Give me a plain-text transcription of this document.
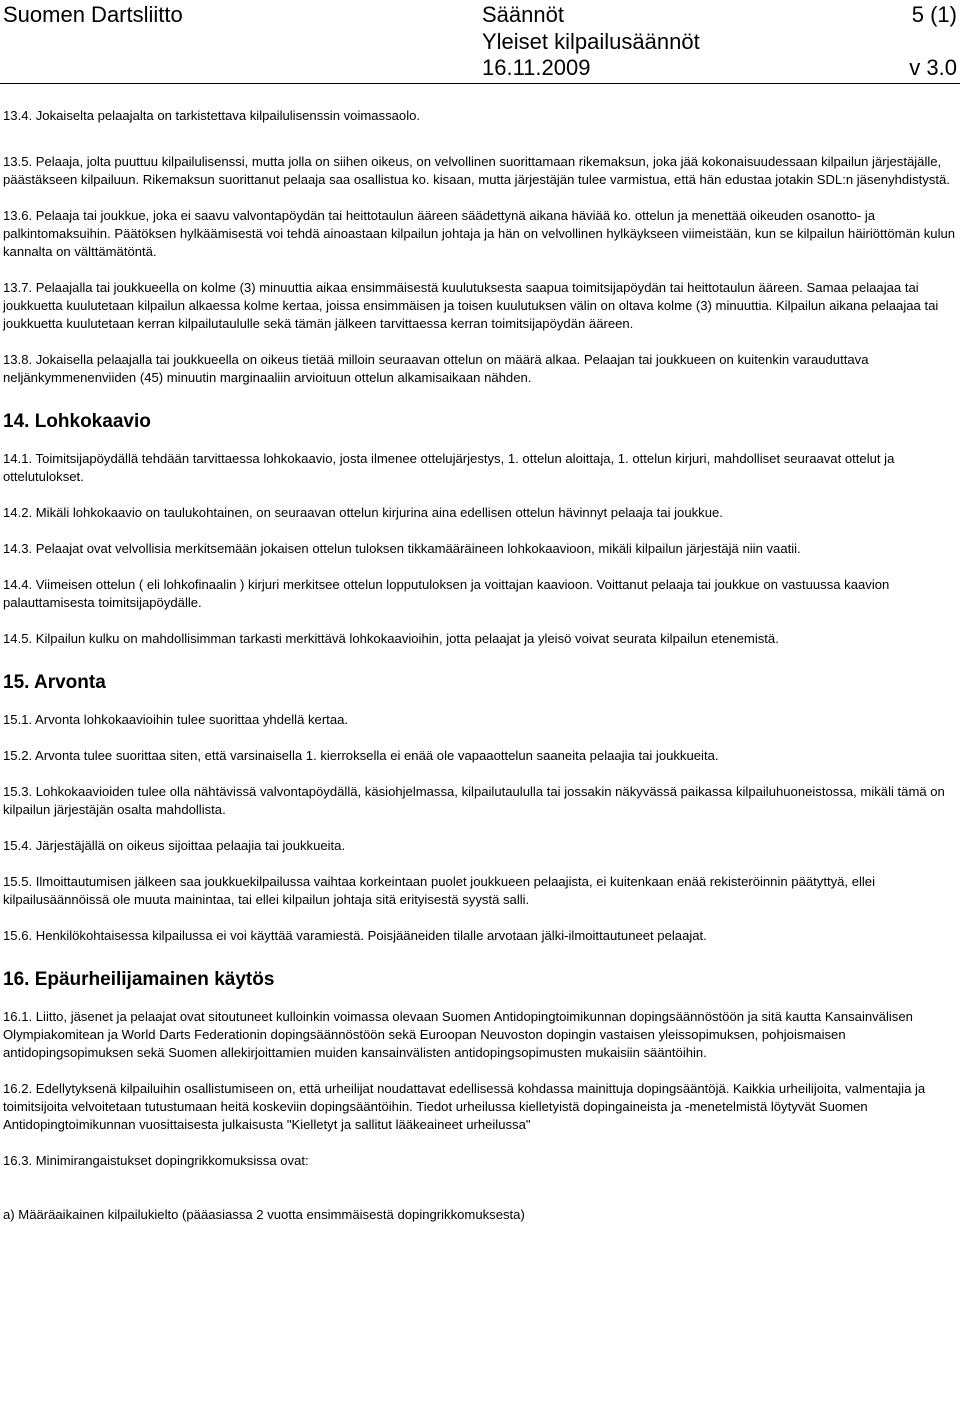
Suomen Dartsliitto	Säännöt	5 (1)
Yleiset kilpailusäännöt
16.11.2009	v 3.0

13.4. Jokaiselta pelaajalta on tarkistettava kilpailulisenssin voimassaolo.

13.5. Pelaaja, jolta puuttuu kilpailulisenssi, mutta jolla on siihen oikeus, on velvollinen suorittamaan rikemaksun, joka jää kokonaisuudessaan kilpailun järjestäjälle, päästäkseen kilpailuun. Rikemaksun suorittanut pelaaja saa osallistua ko. kisaan, mutta järjestäjän tulee varmistua, että hän edustaa jotakin SDL:n jäsenyhdistystä.

13.6. Pelaaja tai joukkue, joka ei saavu valvontapöydän tai heittotaulun ääreen säädettynä aikana häviää ko. ottelun ja menettää oikeuden osanotto- ja palkintomaksuihin. Päätöksen hylkäämisestä voi tehdä ainoastaan kilpailun johtaja ja hän on velvollinen hylkäykseen viimeistään, kun se kilpailun häiriöttömän kulun kannalta on välttämätöntä.

13.7. Pelaajalla tai joukkueella on kolme (3) minuuttia aikaa ensimmäisestä kuulutuksesta saapua toimitsijapöydän tai heittotaulun ääreen. Samaa pelaajaa tai joukkuetta kuulutetaan kilpailun alkaessa kolme kertaa, joissa ensimmäisen ja toisen kuulutuksen välin on oltava kolme (3) minuuttia. Kilpailun aikana pelaajaa tai joukkuetta kuulutetaan kerran kilpailutaululle sekä tämän jälkeen tarvittaessa kerran toimitsijapöydän ääreen.

13.8. Jokaisella pelaajalla tai joukkueella on oikeus tietää milloin seuraavan ottelun on määrä alkaa. Pelaajan tai joukkueen on kuitenkin varauduttava neljänkymmenenviiden (45) minuutin marginaaliin arvioituun ottelun alkamisaikaan nähden.

14. Lohkokaavio

14.1. Toimitsijapöydällä tehdään tarvittaessa lohkokaavio, josta ilmenee ottelujärjestys, 1. ottelun aloittaja, 1. ottelun kirjuri, mahdolliset seuraavat ottelut ja ottelutulokset.

14.2. Mikäli lohkokaavio on taulukohtainen, on seuraavan ottelun kirjurina aina edellisen ottelun hävinnyt pelaaja tai joukkue.

14.3. Pelaajat ovat velvollisia merkitsemään jokaisen ottelun tuloksen tikkamääräineen lohkokaavioon, mikäli kilpailun järjestäjä niin vaatii.

14.4. Viimeisen ottelun ( eli lohkofinaalin ) kirjuri merkitsee ottelun lopputuloksen ja voittajan kaavioon. Voittanut pelaaja tai joukkue on vastuussa kaavion palauttamisesta toimitsijapöydälle.

14.5. Kilpailun kulku on mahdollisimman tarkasti merkittävä lohkokaavioihin, jotta pelaajat ja yleisö voivat seurata kilpailun etenemistä.

15. Arvonta

15.1. Arvonta lohkokaavioihin tulee suorittaa yhdellä kertaa.

15.2. Arvonta tulee suorittaa siten, että varsinaisella 1. kierroksella ei enää ole vapaaottelun saaneita pelaajia tai joukkueita.

15.3. Lohkokaavioiden tulee olla nähtävissä valvontapöydällä, käsiohjelmassa, kilpailutaululla tai jossakin näkyvässä paikassa kilpailuhuoneistossa, mikäli tämä on kilpailun järjestäjän osalta mahdollista.

15.4. Järjestäjällä on oikeus sijoittaa pelaajia tai joukkueita.

15.5. Ilmoittautumisen jälkeen saa joukkuekilpailussa vaihtaa korkeintaan puolet joukkueen pelaajista, ei kuitenkaan enää rekisteröinnin päätyttyä, ellei kilpailusäännöissä ole muuta mainintaa, tai ellei kilpailun johtaja sitä erityisestä syystä salli.

15.6. Henkilökohtaisessa kilpailussa ei voi käyttää varamiestä. Poisjääneiden tilalle arvotaan jälki-ilmoittautuneet pelaajat.

16. Epäurheilijamainen käytös

16.1. Liitto, jäsenet ja pelaajat ovat sitoutuneet kulloinkin voimassa olevaan Suomen Antidopingtoimikunnan dopingsäännöstöön ja sitä kautta Kansainvälisen Olympiakomitean ja World Darts Federationin dopingsäännöstöön sekä Euroopan Neuvoston dopingin vastaisen yleissopimuksen, pohjoismaisen antidopingsopimuksen sekä Suomen allekirjoittamien muiden kansainvälisten antidopingsopimusten mukaisiin sääntöihin.

16.2. Edellytyksenä kilpailuihin osallistumiseen on, että urheilijat noudattavat edellisessä kohdassa mainittuja dopingsääntöjä. Kaikkia urheilijoita, valmentajia ja toimitsijoita velvoitetaan tutustumaan heitä koskeviin dopingsääntöihin. Tiedot urheilussa kielletyistä dopingaineista ja -menetelmistä löytyvät Suomen Antidopingtoimikunnan vuosittaisesta julkaisusta "Kielletyt ja sallitut lääkeaineet urheilussa"

16.3. Minimirangaistukset dopingrikkomuksissa ovat:

a) Määräaikainen kilpailukielto (pääasiassa 2 vuotta ensimmäisestä dopingrikkomuksesta)
